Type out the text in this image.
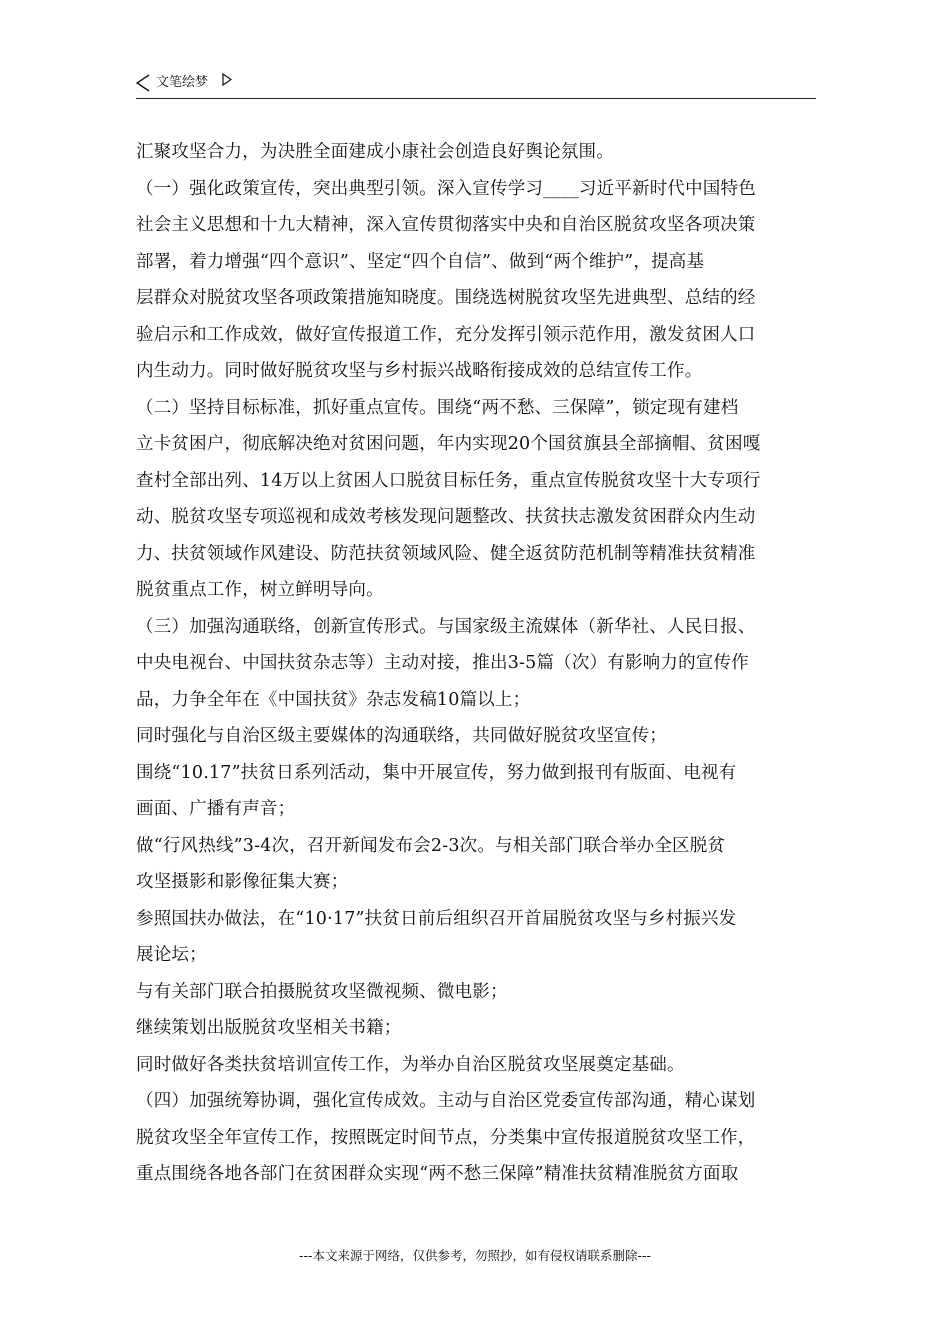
文笔绘梦
汇聚攻坚合力，为决胜全面建成小康社会创造良好舆论氛围。
（一）强化政策宣传，突出典型引领。深入宣传学习____习近平新时代中国特色
社会主义思想和十九大精神，深入宣传贯彻落实中央和自治区脱贫攻坚各项决策
部署，着力增强“四个意识”、坚定“四个自信”、做到“两个维护”，提高基
层群众对脱贫攻坚各项政策措施知晓度。围绕选树脱贫攻坚先进典型、总结的经
验启示和工作成效，做好宣传报道工作，充分发挥引领示范作用，激发贫困人口
内生动力。同时做好脱贫攻坚与乡村振兴战略衔接成效的总结宣传工作。
（二）坚持目标标准，抓好重点宣传。围绕“两不愁、三保障”，锁定现有建档
立卡贫困户，彻底解决绝对贫困问题，年内实现20个国贫旗县全部摘帽、贫困嘎
查村全部出列、14万以上贫困人口脱贫目标任务，重点宣传脱贫攻坚十大专项行
动、脱贫攻坚专项巡视和成效考核发现问题整改、扶贫扶志激发贫困群众内生动
力、扶贫领域作风建设、防范扶贫领域风险、健全返贫防范机制等精准扶贫精准
脱贫重点工作，树立鲜明导向。
（三）加强沟通联络，创新宣传形式。与国家级主流媒体（新华社、人民日报、
中央电视台、中国扶贫杂志等）主动对接，推出3-5篇（次）有影响力的宣传作
品，力争全年在《中国扶贫》杂志发稿10篇以上；
同时强化与自治区级主要媒体的沟通联络，共同做好脱贫攻坚宣传；
围绕“10.17”扶贫日系列活动，集中开展宣传，努力做到报刊有版面、电视有
画面、广播有声音；
做“行风热线”3-4次，召开新闻发布会2-3次。与相关部门联合举办全区脱贫
攻坚摄影和影像征集大赛；
参照国扶办做法，在“10·17”扶贫日前后组织召开首届脱贫攻坚与乡村振兴发
展论坛；
与有关部门联合拍摄脱贫攻坚微视频、微电影；
继续策划出版脱贫攻坚相关书籍；
同时做好各类扶贫培训宣传工作，为举办自治区脱贫攻坚展奠定基础。
（四）加强统筹协调，强化宣传成效。主动与自治区党委宣传部沟通，精心谋划
脱贫攻坚全年宣传工作，按照既定时间节点，分类集中宣传报道脱贫攻坚工作，
重点围绕各地各部门在贫困群众实现“两不愁三保障”精准扶贫精准脱贫方面取
---本文来源于网络，仅供参考，勿照抄，如有侵权请联系删除---
